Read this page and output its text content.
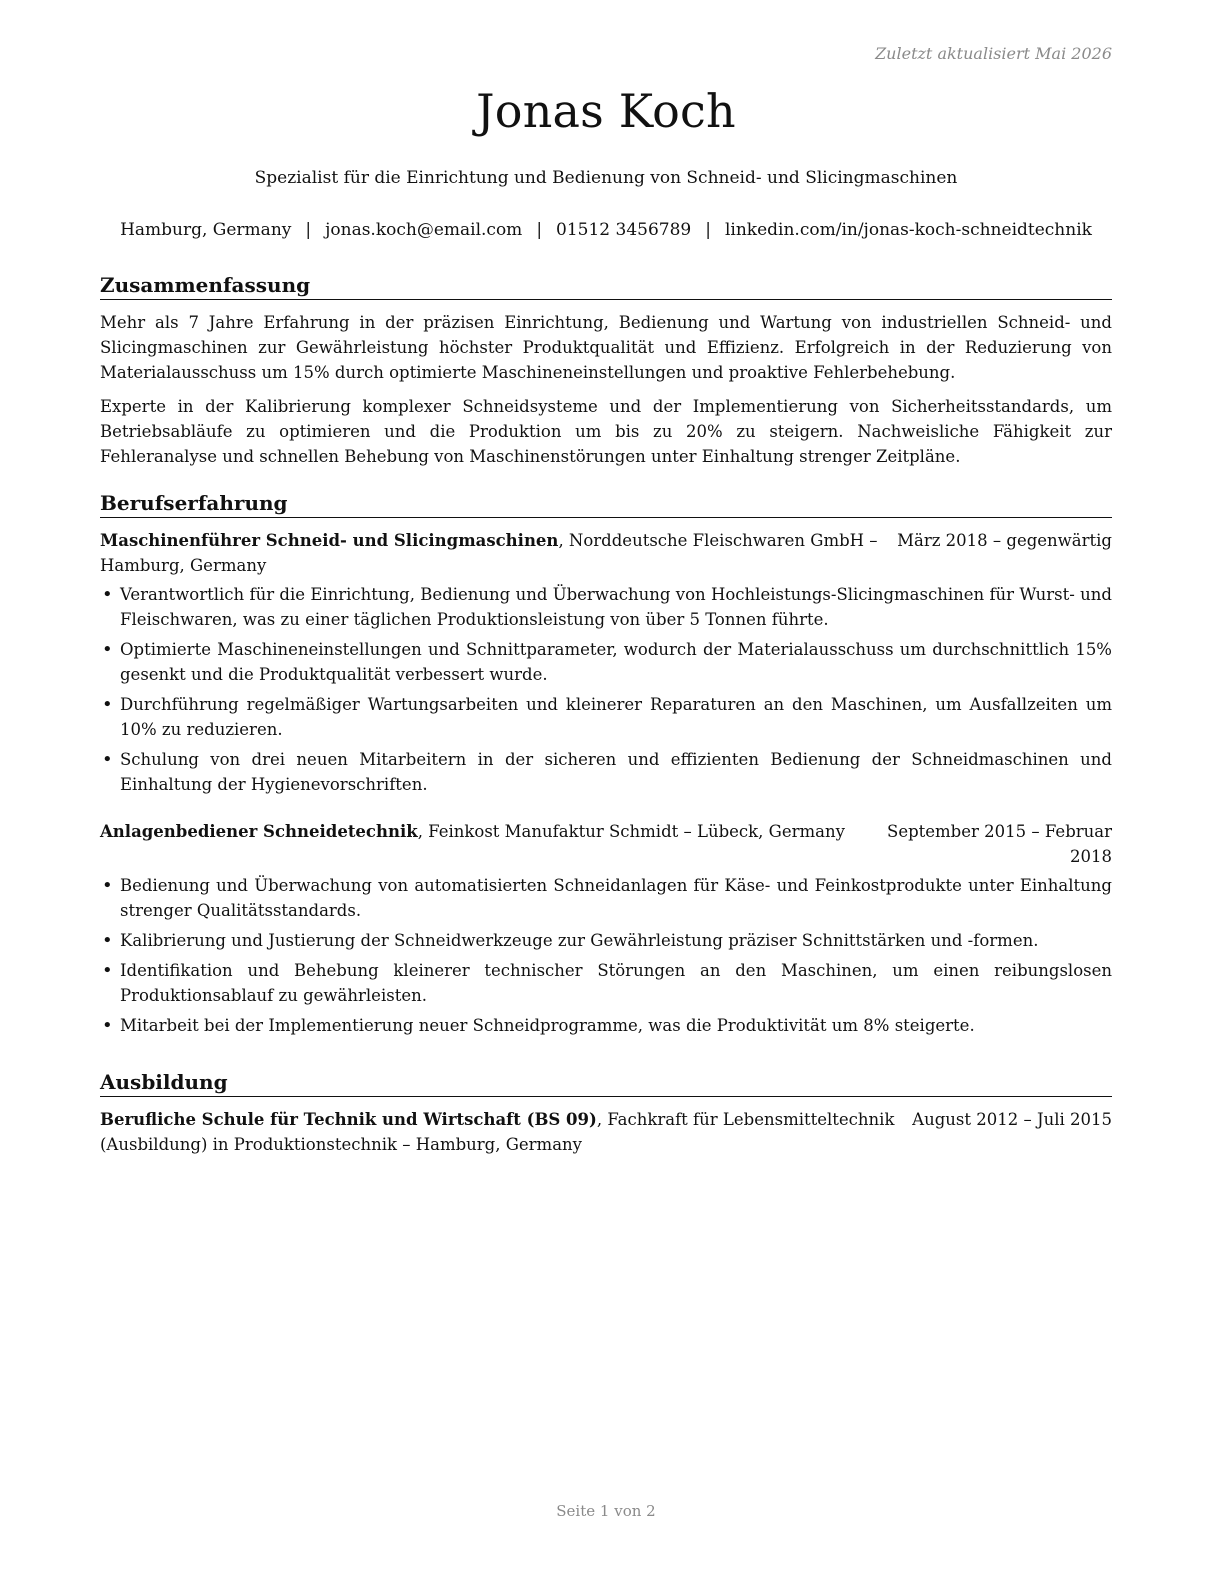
Zuletzt aktualisiert Mai 2026
Jonas Koch
Spezialist für die Einrichtung und Bedienung von Schneid- und Slicingmaschinen
Hamburg, Germany | jonas.koch@email.com | 01512 3456789 | linkedin.com/in/jonas-koch-schneidtechnik
Zusammenfassung

Mehr als 7 Jahre Erfahrung in der präzisen Einrichtung, Bedienung und Wartung von industriellen Schneid- und Slicingmaschinen zur Gewährleistung höchster Produktqualität und Effizienz. Erfolgreich in der Reduzierung von Materialausschuss um 15% durch optimierte Maschineneinstellungen und proaktive Fehlerbehebung.

Experte in der Kalibrierung komplexer Schneidsysteme und der Implementierung von Sicherheitsstandards, um Betriebsabläufe zu optimieren und die Produktion um bis zu 20% zu steigern. Nachweisliche Fähigkeit zur Fehleranalyse und schnellen Behebung von Maschinenstörungen unter Einhaltung strenger Zeitpläne.

Berufserfahrung
Maschinenführer Schneid- und Slicingmaschinen, Norddeutsche Fleischwaren GmbH – Hamburg, Germany
März 2018 – gegenwärtig
• Verantwortlich für die Einrichtung, Bedienung und Überwachung von Hochleistungs-Slicingmaschinen für Wurst- und Fleischwaren, was zu einer täglichen Produktionsleistung von über 5 Tonnen führte.
• Optimierte Maschineneinstellungen und Schnittparameter, wodurch der Materialausschuss um durchschnittlich 15% gesenkt und die Produktqualität verbessert wurde.
• Durchführung regelmäßiger Wartungsarbeiten und kleinerer Reparaturen an den Maschinen, um Ausfallzeiten um 10% zu reduzieren.
• Schulung von drei neuen Mitarbeitern in der sicheren und effizienten Bedienung der Schneidmaschinen und Einhaltung der Hygienevorschriften.
Anlagenbediener Schneidetechnik, Feinkost Manufaktur Schmidt – Lübeck, Germany	September 2015 – Februar 2018
• Bedienung und Überwachung von automatisierten Schneidanlagen für Käse- und Feinkostprodukte unter Einhaltung strenger Qualitätsstandards.
• Kalibrierung und Justierung der Schneidwerkzeuge zur Gewährleistung präziser Schnittstärken und -formen.
• Identifikation und Behebung kleinerer technischer Störungen an den Maschinen, um einen reibungslosen Produktionsablauf zu gewährleisten.
• Mitarbeit bei der Implementierung neuer Schneidprogramme, was die Produktivität um 8% steigerte.
Ausbildung
Berufliche Schule für Technik und Wirtschaft (BS 09), Fachkraft für Lebensmitteltechnik (Ausbildung) in Produktionstechnik – Hamburg, Germany
August 2012 – Juli 2015
Seite 1 von 2
